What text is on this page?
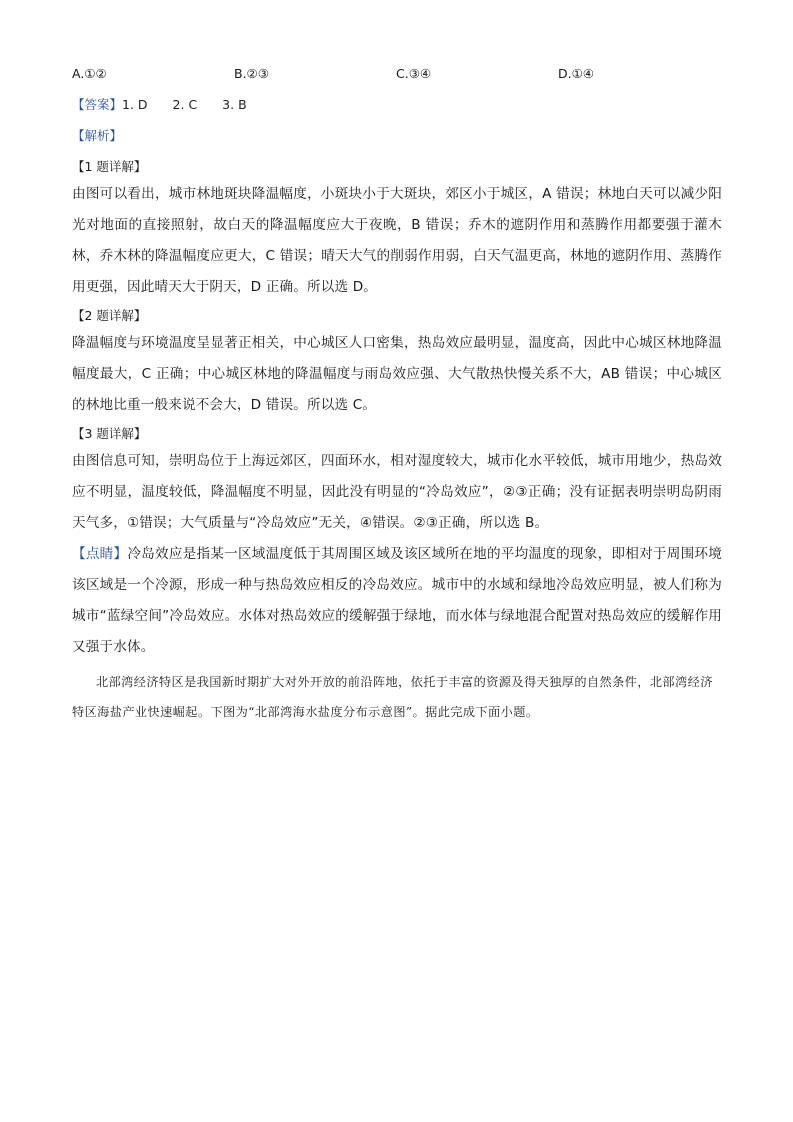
A.①②	B.②③	C.③④	D.①④
【答案】1. D　　2. C　　3. B
【解析】
【1 题详解】
由图可以看出，城市林地斑块降温幅度，小斑块小于大斑块，郊区小于城区，A 错误；林地白天可以减少阳光对地面的直接照射，故白天的降温幅度应大于夜晚，B 错误；乔木的遮阴作用和蒸腾作用都要强于灌木林，乔木林的降温幅度应更大，C 错误；晴天大气的削弱作用弱，白天气温更高，林地的遮阴作用、蒸腾作用更强，因此晴天大于阴天，D 正确。所以选 D。
【2 题详解】
降温幅度与环境温度呈显著正相关，中心城区人口密集，热岛效应最明显，温度高，因此中心城区林地降温幅度最大，C 正确；中心城区林地的降温幅度与雨岛效应强、大气散热快慢关系不大，AB 错误；中心城区的林地比重一般来说不会大，D 错误。所以选 C。
【3 题详解】
由图信息可知，崇明岛位于上海远郊区，四面环水，相对湿度较大，城市化水平较低，城市用地少，热岛效应不明显，温度较低，降温幅度不明显，因此没有明显的“冷岛效应”，②③正确；没有证据表明崇明岛阴雨天气多，①错误；大气质量与“冷岛效应”无关，④错误。②③正确，所以选 B。
【点睛】冷岛效应是指某一区域温度低于其周围区域及该区域所在地的平均温度的现象，即相对于周围环境该区域是一个冷源，形成一种与热岛效应相反的冷岛效应。城市中的水域和绿地冷岛效应明显，被人们称为城市“蓝绿空间”冷岛效应。水体对热岛效应的缓解强于绿地，而水体与绿地混合配置对热岛效应的缓解作用又强于水体。
北部湾经济特区是我国新时期扩大对外开放的前沿阵地，依托于丰富的资源及得天独厚的自然条件，北部湾经济特区海盐产业快速崛起。下图为“北部湾海水盐度分布示意图”。据此完成下面小题。
